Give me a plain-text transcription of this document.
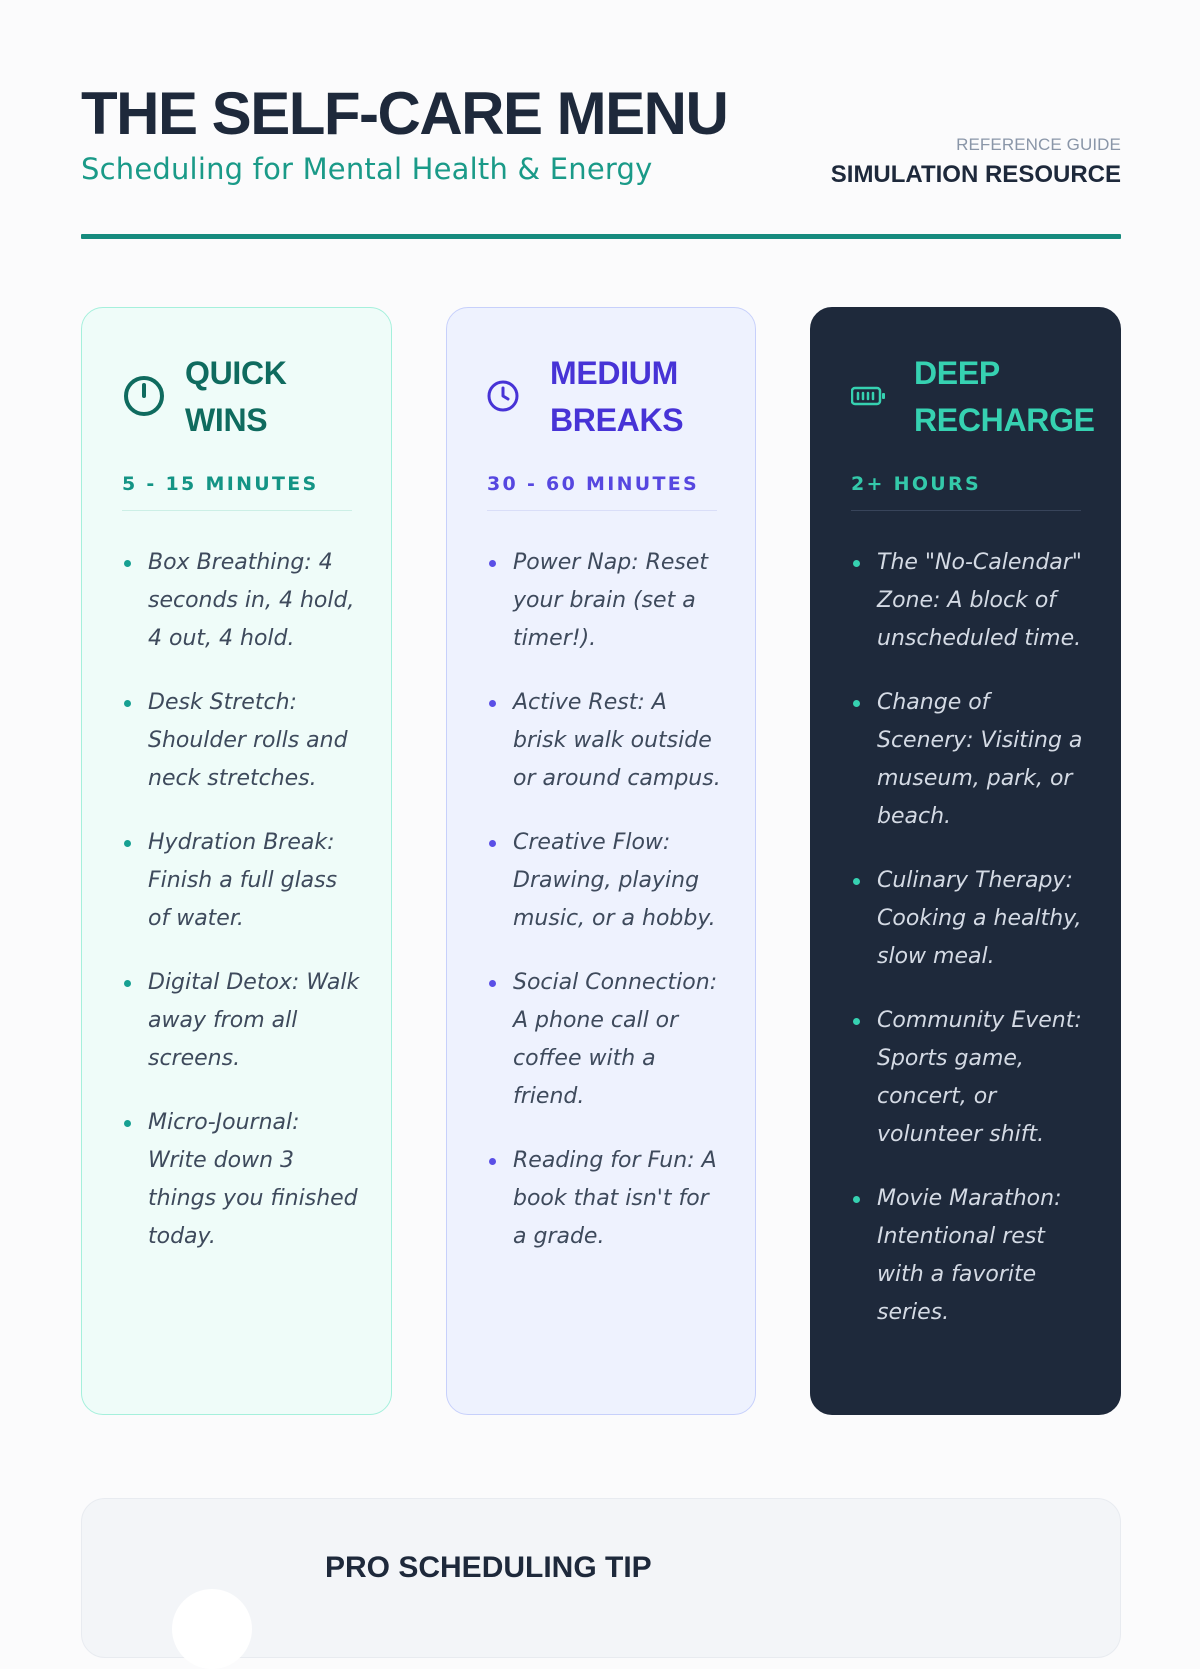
THE SELF-CARE MENU
Scheduling for Mental Health & Energy
REFERENCE GUIDE
SIMULATION RESOURCE
QUICK
WINS
5 - 15 MINUTES
Box Breathing: 4 seconds in, 4 hold, 4 out, 4 hold.
Desk Stretch: Shoulder rolls and neck stretches.
Hydration Break: Finish a full glass of water.
Digital Detox: Walk away from all screens.
Micro-Journal: Write down 3 things you finished today.
MEDIUM
BREAKS
30 - 60 MINUTES
Power Nap: Reset your brain (set a timer!).
Active Rest: A brisk walk outside or around campus.
Creative Flow: Drawing, playing music, or a hobby.
Social Connection: A phone call or coffee with a friend.
Reading for Fun: A book that isn't for a grade.
DEEP
RECHARGE
2+ HOURS
The "No-Calendar" Zone: A block of unscheduled time.
Change of Scenery: Visiting a museum, park, or beach.
Culinary Therapy: Cooking a healthy, slow meal.
Community Event: Sports game, concert, or volunteer shift.
Movie Marathon: Intentional rest with a favorite series.
PRO SCHEDULING TIP
